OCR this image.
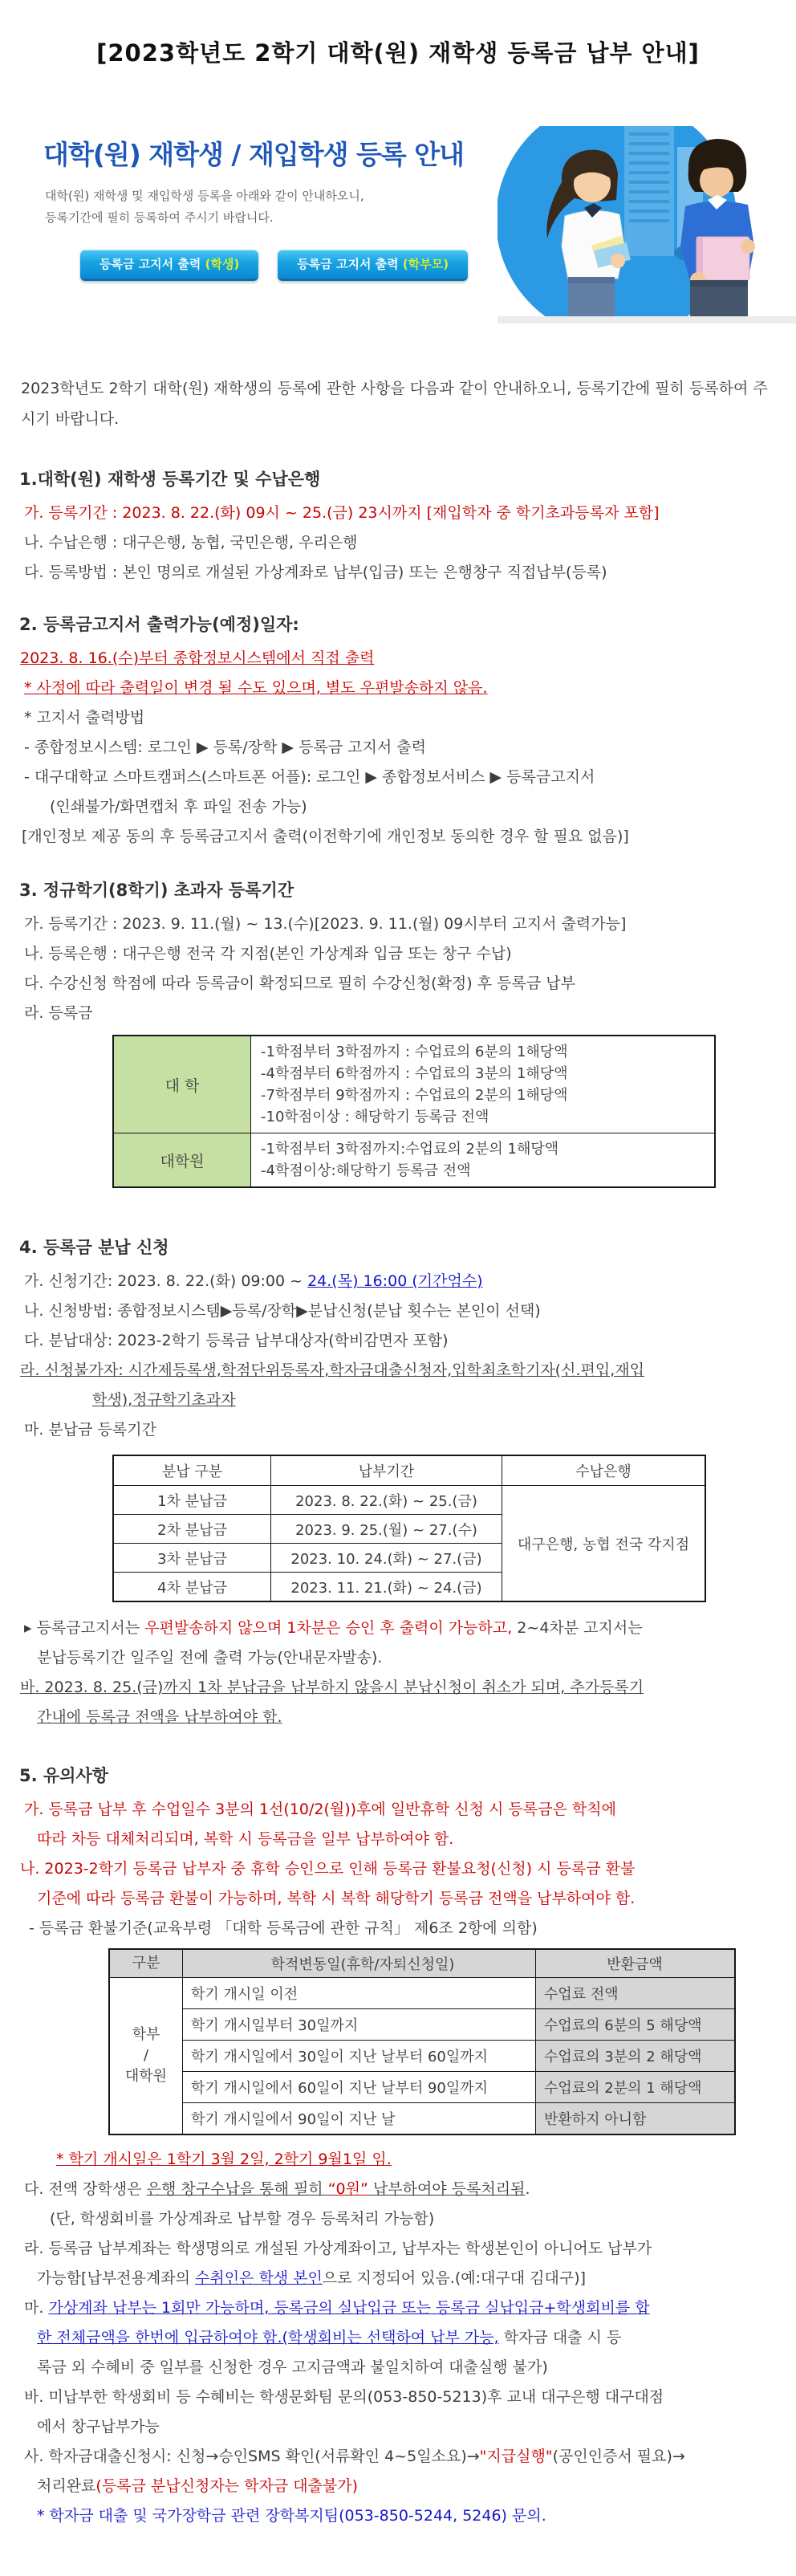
[2023학년도 2학기 대학(원) 재학생 등록금 납부 안내]
대학(원) 재학생 / 재입학생 등록 안내
대학(원) 재학생 및 재입학생 등록을 아래와 같이 안내하오니,
등록기간에 필히 등록하여 주시기 바랍니다.
등록금 고지서 출력 (학생)	등록금 고지서 출력 (학부모)
2023학년도 2학기 대학(원) 재학생의 등록에 관한 사항을 다음과 같이 안내하오니, 등록기간에 필히 등록하여 주시기 바랍니다.
1.대학(원) 재학생 등록기간 및 수납은행
가. 등록기간 : 2023. 8. 22.(화) 09시 ~ 25.(금) 23시까지 [재입학자 중 학기초과등록자 포함]
나. 수납은행 : 대구은행, 농협, 국민은행, 우리은행
다. 등록방법 : 본인 명의로 개설된 가상계좌로 납부(입금) 또는 은행창구 직접납부(등록)
2. 등록금고지서 출력가능(예정)일자:
2023. 8. 16.(수)부터 종합정보시스템에서 직접 출력
* 사정에 따라 출력일이 변경 될 수도 있으며, 별도 우편발송하지 않음.
* 고지서 출력방법
- 종합정보시스템: 로그인 ▶ 등록/장학 ▶ 등록금 고지서 출력
- 대구대학교 스마트캠퍼스(스마트폰 어플): 로그인 ▶ 종합정보서비스 ▶ 등록금고지서
(인쇄불가/화면캡처 후 파일 전송 가능)
[개인정보 제공 동의 후 등록금고지서 출력(이전학기에 개인정보 동의한 경우 할 필요 없음)]
3. 정규학기(8학기) 초과자 등록기간
가. 등록기간 : 2023. 9. 11.(월) ~ 13.(수)[2023. 9. 11.(월) 09시부터 고지서 출력가능]
나. 등록은행 : 대구은행 전국 각 지점(본인 가상계좌 입금 또는 창구 수납)
다. 수강신청 학점에 따라 등록금이 확정되므로 필히 수강신청(확정) 후 등록금 납부
라. 등록금
대 학	-1학점부터 3학점까지 : 수업료의 6분의 1해당액
-4학점부터 6학점까지 : 수업료의 3분의 1해당액
-7학점부터 9학점까지 : 수업료의 2분의 1해당액
-10학점이상 : 해당학기 등록금 전액

대학원	-1학점부터 3학점까지:수업료의 2분의 1해당액
-4학점이상:해당학기 등록금 전액
4. 등록금 분납 신청
가. 신청기간: 2023. 8. 22.(화) 09:00 ~ 24.(목) 16:00 (기간엄수)
나. 신청방법: 종합정보시스템▶등록/장학▶분납신청(분납 횟수는 본인이 선택)
다. 분납대상: 2023-2학기 등록금 납부대상자(학비감면자 포함)
라. 신청불가자: 시간제등록생,학점단위등록자,학자금대출신청자,입학최초학기자(신.편입,재입
학생),정규학기초과자
마. 분납금 등록기간
분납 구분	납부기간	수납은행
1차 분납금	2023. 8. 22.(화) ~ 25.(금)	대구은행, 농협 전국 각지점
2차 분납금	2023. 9. 25.(월) ~ 27.(수)	
3차 분납금	2023. 10. 24.(화) ~ 27.(금)	
4차 분납금	2023. 11. 21.(화) ~ 24.(금)	
▸ 등록금고지서는 우편발송하지 않으며 1차분은 승인 후 출력이 가능하고, 2~4차분 고지서는
분납등록기간 일주일 전에 출력 가능(안내문자발송).
바. 2023. 8. 25.(금)까지 1차 분납금을 납부하지 않을시 분납신청이 취소가 되며, 추가등록기
간내에 등록금 전액을 납부하여야 함.
5. 유의사항
가. 등록금 납부 후 수업일수 3분의 1선(10/2(월))후에 일반휴학 신청 시 등록금은 학칙에
따라 차등 대체처리되며, 복학 시 등록금을 일부 납부하여야 함.
나. 2023-2학기 등록금 납부자 중 휴학 승인으로 인해 등록금 환불요청(신청) 시 등록금 환불
기준에 따라 등록금 환불이 가능하며, 복학 시 복학 해당학기 등록금 전액을 납부하여야 함.
- 등록금 환불기준(교육부령 「대학 등록금에 관한 규칙」 제6조 2항에 의함)
구분	학적변동일(휴학/자퇴신청일)	반환금액

학부
/
대학원	학기 개시일 이전	수업료 전액
	학기 개시일부터 30일까지	수업료의 6분의 5 해당액
	학기 개시일에서 30일이 지난 날부터 60일까지	수업료의 3분의 2 해당액
	학기 개시일에서 60일이 지난 날부터 90일까지	수업료의 2분의 1 해당액
	학기 개시일에서 90일이 지난 날	반환하지 아니함
* 학기 개시일은 1학기 3월 2일, 2학기 9월1일 임.
다. 전액 장학생은 은행 창구수납을 통해 필히 “0원” 납부하여야 등록처리됨.
(단, 학생회비를 가상계좌로 납부할 경우 등록처리 가능함)
라. 등록금 납부계좌는 학생명의로 개설된 가상계좌이고, 납부자는 학생본인이 아니어도 납부가
가능함[납부전용계좌의 수취인은 학생 본인으로 지정되어 있음.(예:대구대 김대구)]
마. 가상계좌 납부는 1회만 가능하며, 등록금의 실납입금 또는 등록금 실납입금+학생회비를 합
한 전체금액을 한번에 입금하여야 함.(학생회비는 선택하여 납부 가능, 학자금 대출 시 등
록금 외 수혜비 중 일부를 신청한 경우 고지금액과 불일치하여 대출실행 불가)
바. 미납부한 학생회비 등 수혜비는 학생문화팀 문의(053-850-5213)후 교내 대구은행 대구대점
에서 창구납부가능
사. 학자금대출신청시: 신청→승인SMS 확인(서류확인 4~5일소요)→"지급실행"(공인인증서 필요)→
처리완료(등록금 분납신청자는 학자금 대출불가)
* 학자금 대출 및 국가장학금 관련 장학복지팀(053-850-5244, 5246) 문의.
